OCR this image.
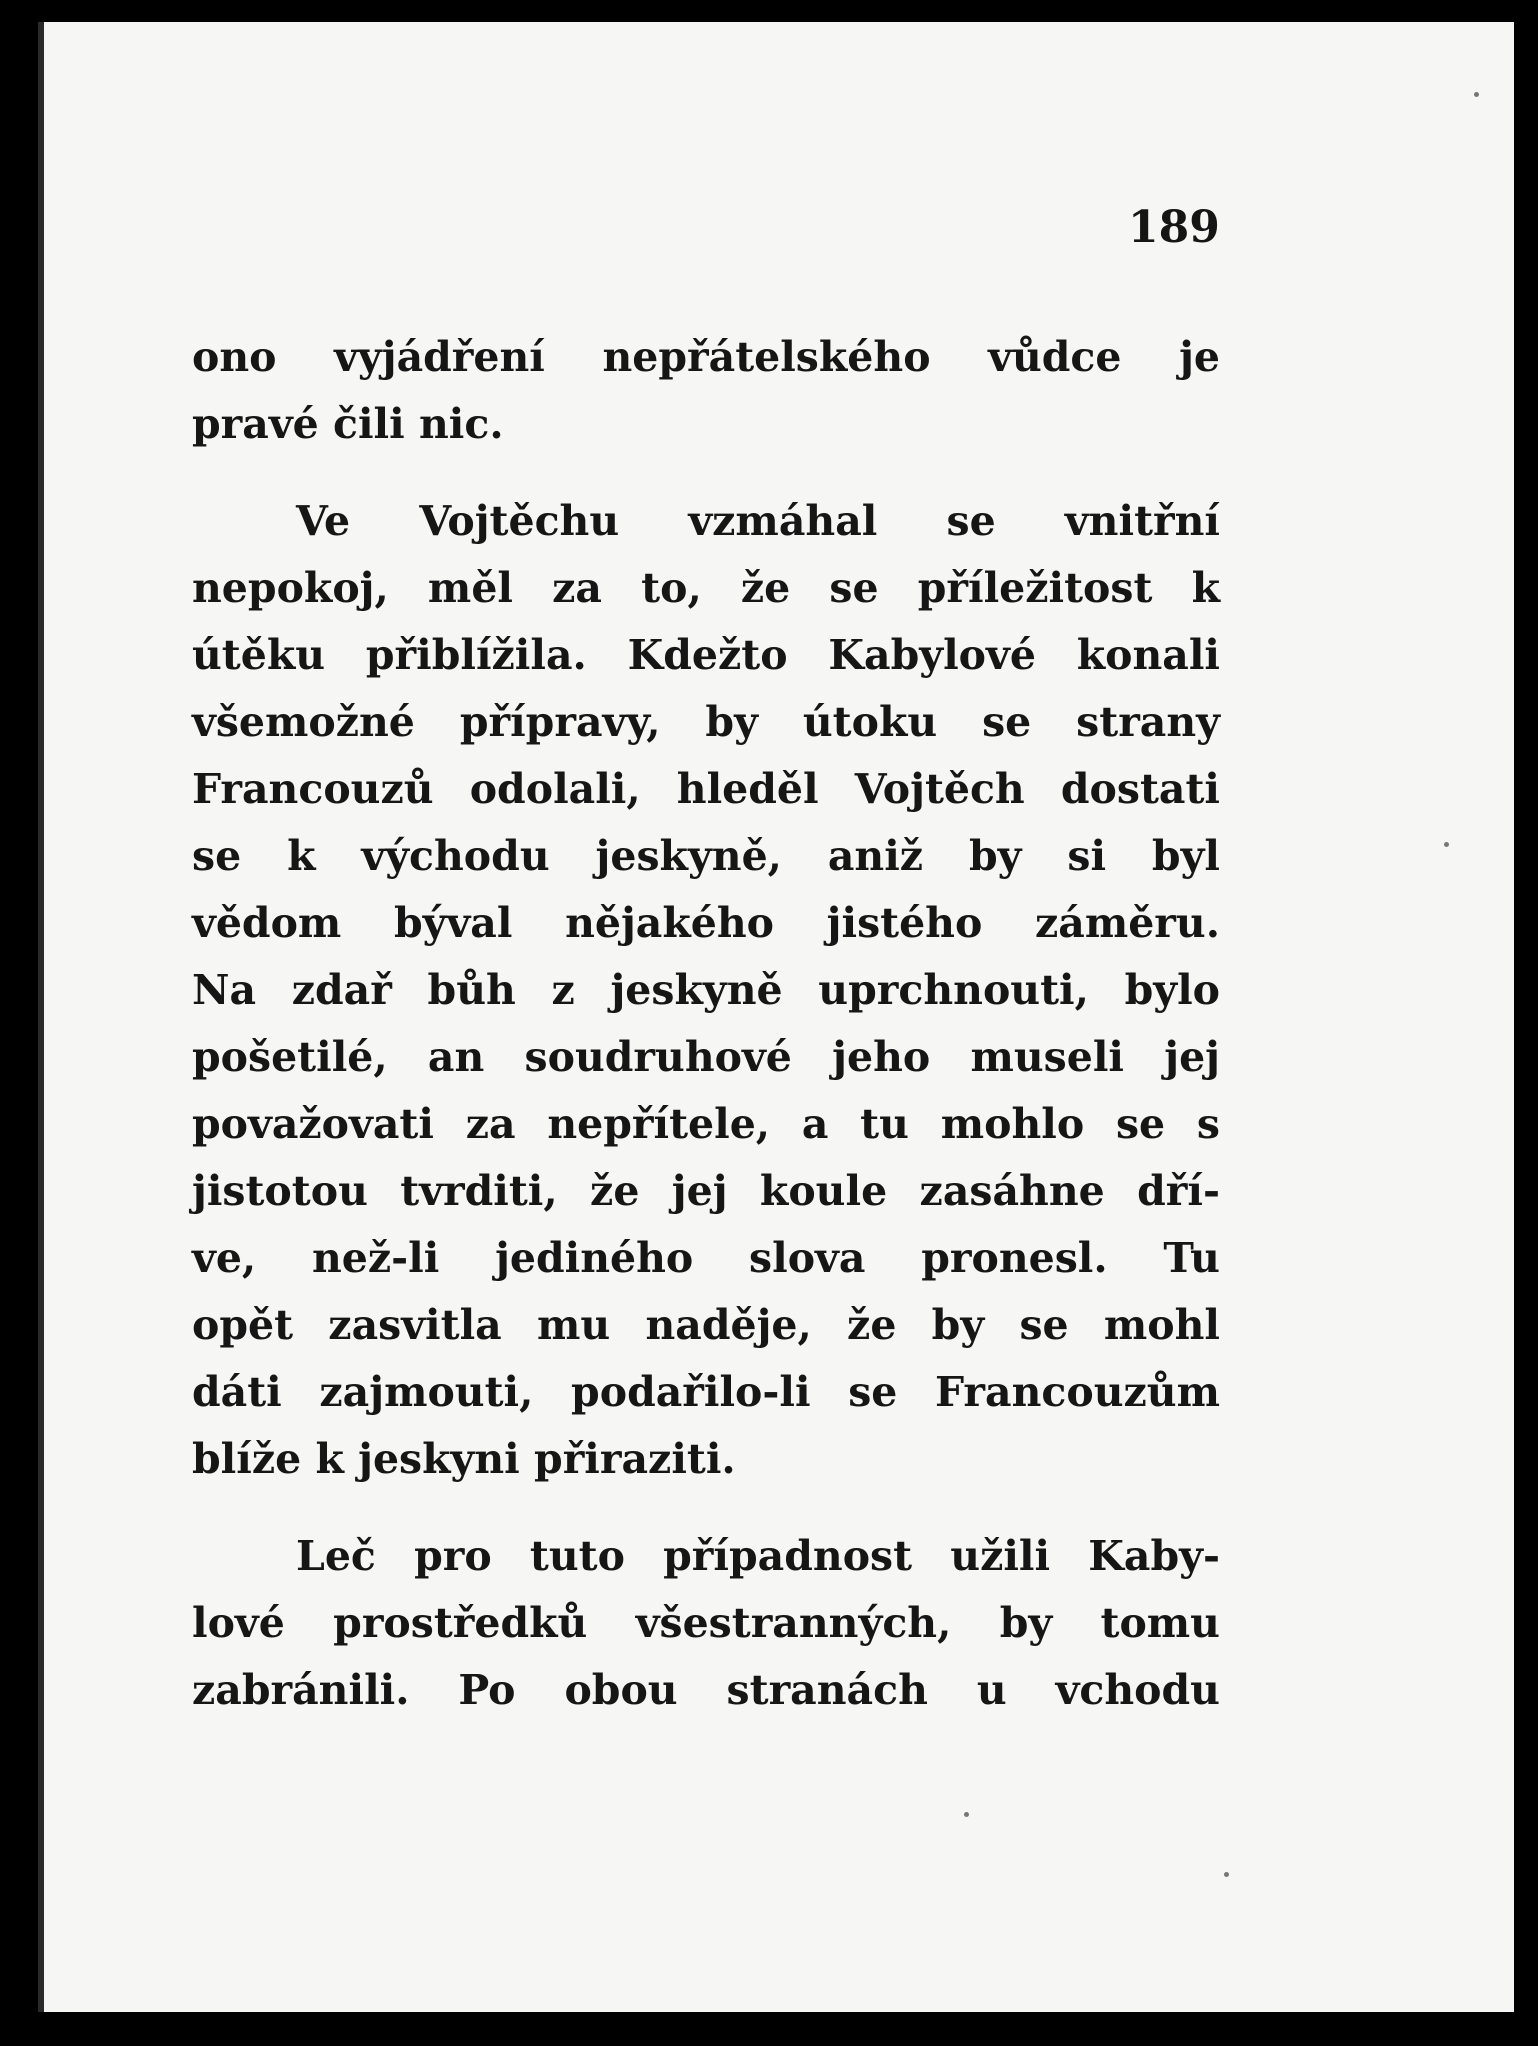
189
ono vyjádření nepřátelského vůdce je
pravé čili nic.
Ve Vojtěchu vzmáhal se vnitřní
nepokoj, měl za to, že se příležitost k
útěku přiblížila. Kdežto Kabylové konali
všemožné přípravy, by útoku se strany
Francouzů odolali, hleděl Vojtěch dostati
se k východu jeskyně, aniž by si byl
vědom býval nějakého jistého záměru.
Na zdař bůh z jeskyně uprchnouti, bylo
pošetilé, an soudruhové jeho museli jej
považovati za nepřítele, a tu mohlo se s
jistotou tvrditi, že jej koule zasáhne dří-
ve, než-li jediného slova pronesl. Tu
opět zasvitla mu naděje, že by se mohl
dáti zajmouti, podařilo-li se Francouzům
blíže k jeskyni přiraziti.
Leč pro tuto případnost užili Kaby-
lové prostředků všestranných, by tomu
zabránili. Po obou stranách u vchodu
